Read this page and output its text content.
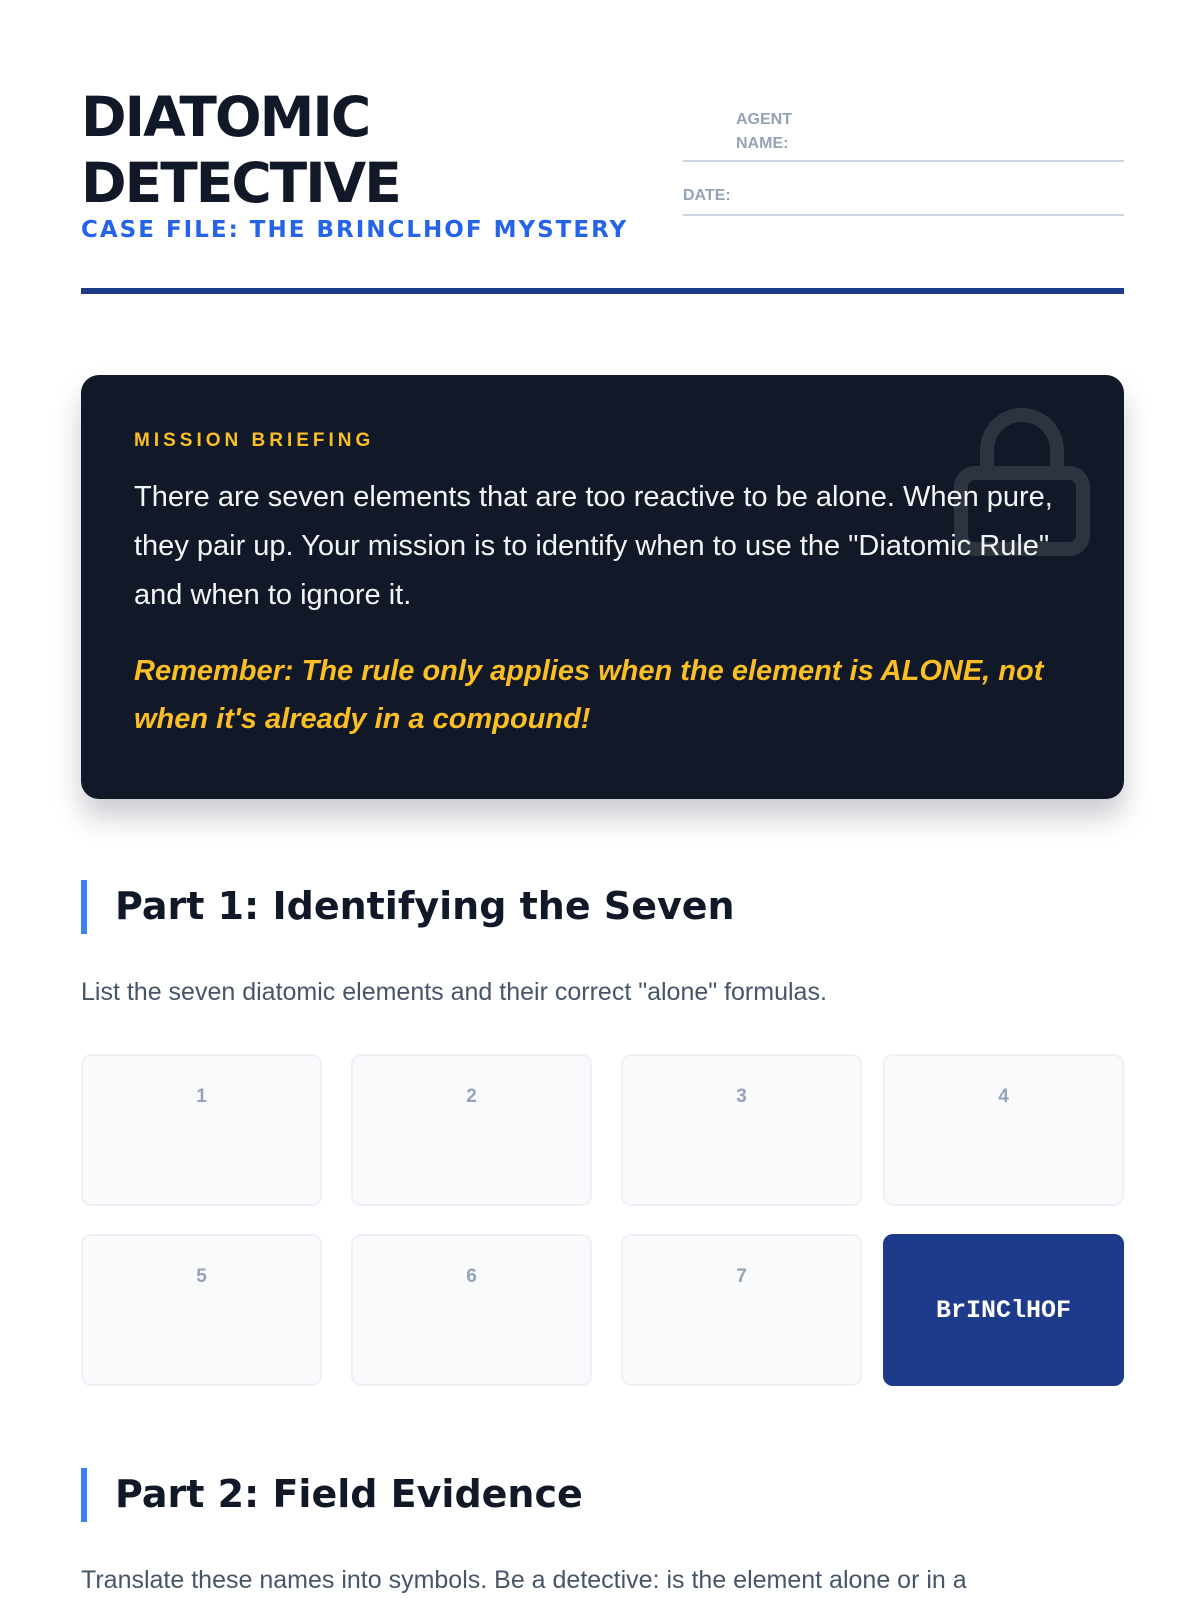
DIATOMIC
DETECTIVE
CASE FILE: THE BRINCLHOF MYSTERY
AGENT
NAME:
DATE:
MISSION BRIEFING
There are seven elements that are too reactive to be alone. When pure, they pair up. Your mission is to identify when to use the "Diatomic Rule" and when to ignore it.
Remember: The rule only applies when the element is ALONE, not when it's already in a compound!
Part 1: Identifying the Seven
List the seven diatomic elements and their correct "alone" formulas.
1	2	3	4
5	6	7
BrINClHOF
Part 2: Field Evidence
Translate these names into symbols. Be a detective: is the element alone or in a
